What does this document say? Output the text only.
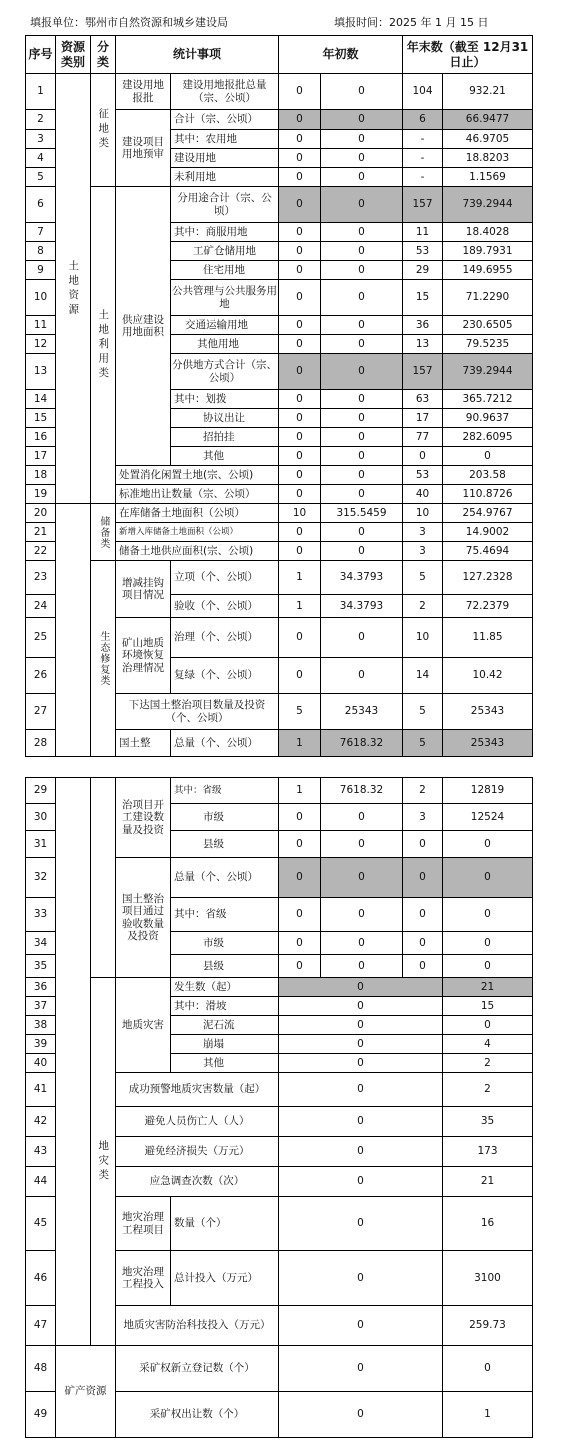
填报单位：鄂州市自然资源和城乡建设局	填报时间：2025 年 1 月 15 日
序号	资源类别	分类	统计事项		年初数		年末数（截至 12月31日止）	
1	土地资源	征地类	建设用地报批	建设用地报批总量（宗、公顷）	0	0	104	932.21
2			建设项目用地预审	合计（宗、公顷）	0	0	6	66.9477
3				其中：农用地	0	0	-	46.9705
4				建设用地	0	0	-	18.8203
5				未利用地	0	0	-	1.1569
6		土地利用类	供应建设用地面积	分用途合计（宗、公顷）	0	0	157	739.2944
7				其中：商服用地	0	0	11	18.4028
8				工矿仓储用地	0	0	53	189.7931
9				住宅用地	0	0	29	149.6955
10				公共管理与公共服务用地	0	0	15	71.2290
11				交通运输用地	0	0	36	230.6505
12				其他用地	0	0	13	79.5235
13				分供地方式合计（宗、公顷）	0	0	157	739.2944
14				其中：划拨	0	0	63	365.7212
15				协议出让	0	0	17	90.9637
16				招拍挂	0	0	77	282.6095
17				其他	0	0	0	0
18			处置消化闲置土地(宗、公顷)		0	0	53	203.58
19			标准地出让数量（宗、公顷）		0	0	40	110.8726
20		储备类	在库储备土地面积（公顷）		10	315.5459	10	254.9767
21			新增入库储备土地面积（公顷）		0	0	3	14.9002
22			储备土地供应面积(宗、公顷)		0	0	3	75.4694
23		生态修复类	增减挂钩项目情况	立项（个、公顷）	1	34.3793	5	127.2328
24				验收（个、公顷）	1	34.3793	2	72.2379
25			矿山地质环境恢复治理情况	治理（个、公顷）	0	0	10	11.85
26				复绿（个、公顷）	0	0	14	10.42
27			下达国土整治项目数量及投资（个、公顷）		5	25343	5	25343
28			国土整	总量（个、公顷）	1	7618.32	5	25343
29			治项目开工建设数量及投资	其中：省级	1	7618.32	2	12819
30				市级	0	0	3	12524
31				县级	0	0	0	0
32			国土整治项目通过验收数量及投资	总量（个、公顷）	0	0	0	0
33				其中：省级	0	0	0	0
34				市级	0	0	0	0
35				县级	0	0	0	0
36		地灾类	地质灾害	发生数（起）	0			21
37				其中：滑坡	0			15
38				泥石流	0			0
39				崩塌	0			4
40				其他	0			2
41			成功预警地质灾害数量（起）		0			2
42			避免人员伤亡人（人）		0			35
43			避免经济损失（万元）		0			173
44			应急调查次数（次）		0			21
45			地灾治理工程项目	数量（个）	0			16
46			地灾治理工程投入	总计投入（万元）	0			3100
47			地质灾害防治科技投入（万元）		0			259.73
48	矿产资源		采矿权新立登记数（个）		0			0
49			采矿权出让数（个）		0			1
